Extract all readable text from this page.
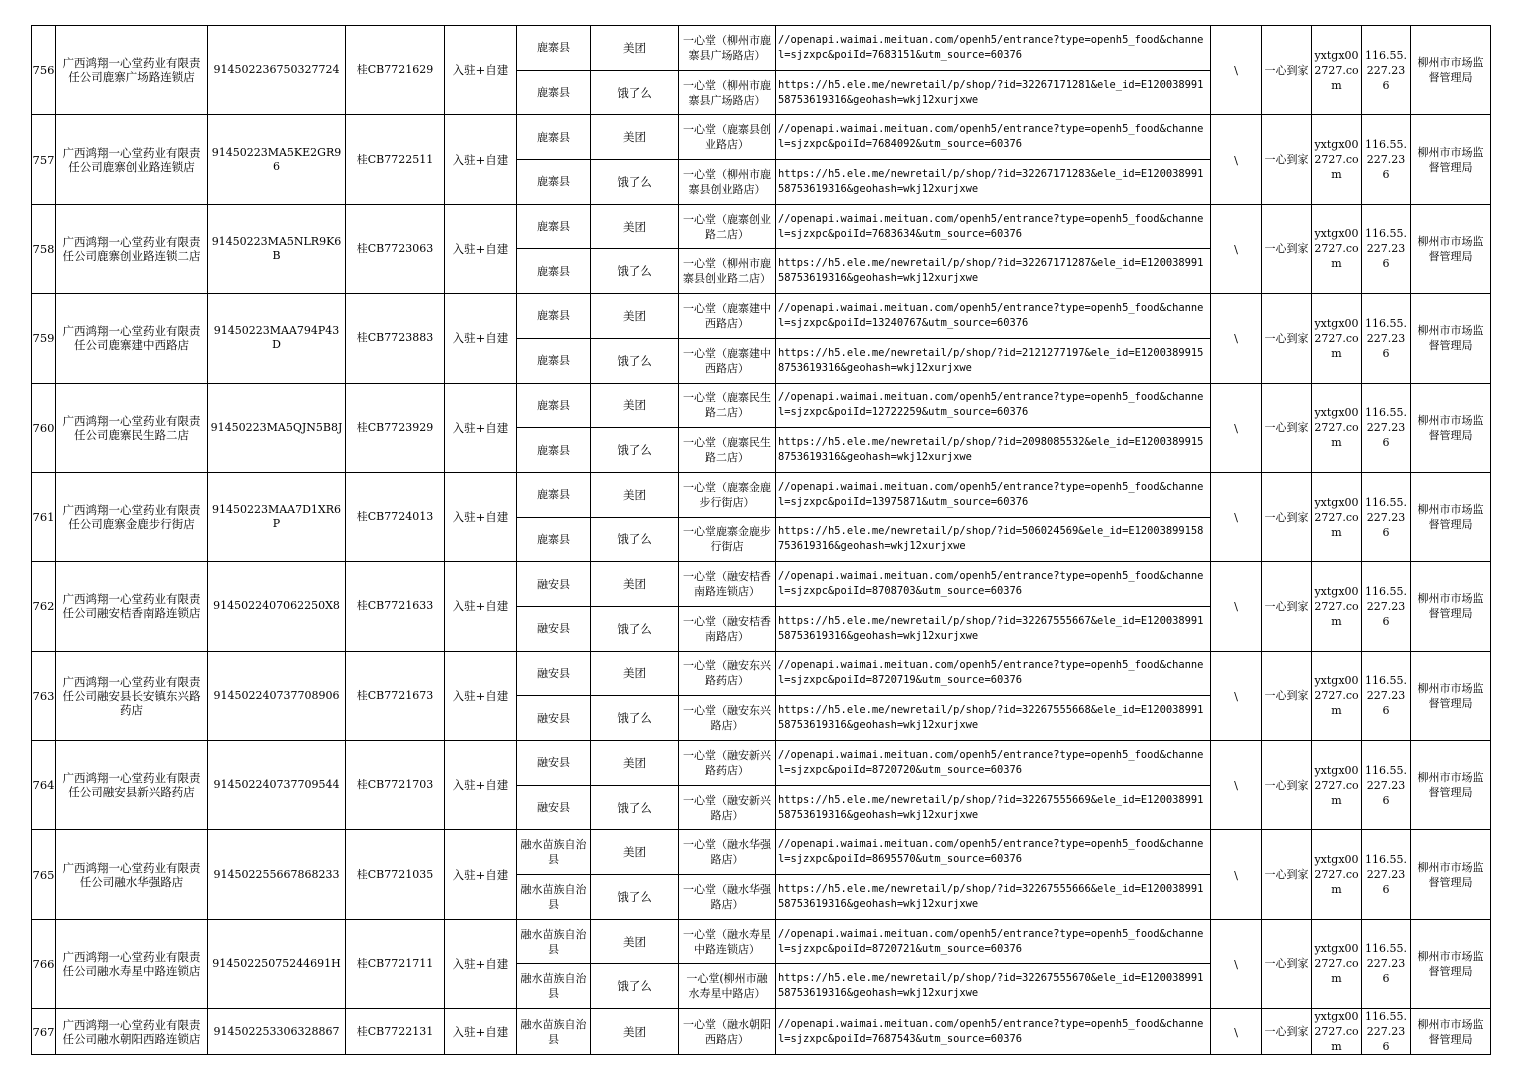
756	广西鸿翔一心堂药业有限责任公司鹿寨广场路连锁店	91450223675032772​4	桂CB7721629	入驻+自建	鹿寨县	美团	一心堂（柳州市鹿寨县广场路店）	//openapi.waimai.meituan.com/openh5/entrance?type=openh5_food&channel=sjzxpc&poiId=7683151&utm_source=60376	\	一心到家	yxtgx002727.com	116.55.227.236	柳州市市场监督管理局
					鹿寨县	饿了么	一心堂（柳州市鹿寨县广场路店）	https://h5.ele.me/newretail/p/shop/?id=32267171281&ele_id=E12003899158753619316&geohash=wkj12xurjxwe					
757	广西鸿翔一心堂药业有限责任公司鹿寨创业路连锁店	91450223MA5KE2GR96	桂CB7722511	入驻+自建	鹿寨县	美团	一心堂（鹿寨县创业路店）	//openapi.waimai.meituan.com/openh5/entrance?type=openh5_food&channel=sjzxpc&poiId=7684092&utm_source=60376	\	一心到家	yxtgx002727.com	116.55.227.236	柳州市市场监督管理局
					鹿寨县	饿了么	一心堂（柳州市鹿寨县创业路店）	https://h5.ele.me/newretail/p/shop/?id=32267171283&ele_id=E12003899158753619316&geohash=wkj12xurjxwe					
758	广西鸿翔一心堂药业有限责任公司鹿寨创业路连锁二店	91450223MA5NLR9K6B	桂CB7723063	入驻+自建	鹿寨县	美团	一心堂（鹿寨创业路二店）	//openapi.waimai.meituan.com/openh5/entrance?type=openh5_food&channel=sjzxpc&poiId=7683634&utm_source=60376	\	一心到家	yxtgx002727.com	116.55.227.236	柳州市市场监督管理局
					鹿寨县	饿了么	一心堂（柳州市鹿寨县创业路二店）	https://h5.ele.me/newretail/p/shop/?id=32267171287&ele_id=E12003899158753619316&geohash=wkj12xurjxwe					
759	广西鸿翔一心堂药业有限责任公司鹿寨建中西路店	91450223MAA794P43D	桂CB7723883	入驻+自建	鹿寨县	美团	一心堂（鹿寨建中西路店）	//openapi.waimai.meituan.com/openh5/entrance?type=openh5_food&channel=sjzxpc&poiId=13240767&utm_source=60376	\	一心到家	yxtgx002727.com	116.55.227.236	柳州市市场监督管理局
					鹿寨县	饿了么	一心堂（鹿寨建中西路店）	https://h5.ele.me/newretail/p/shop/?id=2121277197&ele_id=E12003899158753619316&geohash=wkj12xurjxwe					
760	广西鸿翔一心堂药业有限责任公司鹿寨民生路二店	91450223MA5QJN5B8J	桂CB7723929	入驻+自建	鹿寨县	美团	一心堂（鹿寨民生路二店）	//openapi.waimai.meituan.com/openh5/entrance?type=openh5_food&channel=sjzxpc&poiId=12722259&utm_source=60376	\	一心到家	yxtgx002727.com	116.55.227.236	柳州市市场监督管理局
					鹿寨县	饿了么	一心堂（鹿寨民生路二店）	https://h5.ele.me/newretail/p/shop/?id=2098085532&ele_id=E12003899158753619316&geohash=wkj12xurjxwe					
761	广西鸿翔一心堂药业有限责任公司鹿寨金鹿步行街店	91450223MAA7D1XR6P	桂CB7724013	入驻+自建	鹿寨县	美团	一心堂（鹿寨金鹿步行街店）	//openapi.waimai.meituan.com/openh5/entrance?type=openh5_food&channel=sjzxpc&poiId=13975871&utm_source=60376	\	一心到家	yxtgx002727.com	116.55.227.236	柳州市市场监督管理局
					鹿寨县	饿了么	一心堂鹿寨金鹿步行街店	https://h5.ele.me/newretail/p/shop/?id=506024569&ele_id=E12003899158753619316&geohash=wkj12xurjxwe					
762	广西鸿翔一心堂药业有限责任公司融安桔香南路连锁店	914502240706225​0X8	桂CB7721633	入驻+自建	融安县	美团	一心堂（融安桔香南路连锁店）	//openapi.waimai.meituan.com/openh5/entrance?type=openh5_food&channel=sjzxpc&poiId=8708703&utm_source=60376	\	一心到家	yxtgx002727.com	116.55.227.236	柳州市市场监督管理局
					融安县	饿了么	一心堂（融安桔香南路店）	https://h5.ele.me/newretail/p/shop/?id=32267555667&ele_id=E12003899158753619316&geohash=wkj12xurjxwe					
763	广西鸿翔一心堂药业有限责任公司融安县长安镇东兴路药店	914502240737708906	桂CB7721673	入驻+自建	融安县	美团	一心堂（融安东兴路药店）	//openapi.waimai.meituan.com/openh5/entrance?type=openh5_food&channel=sjzxpc&poiId=8720719&utm_source=60376	\	一心到家	yxtgx002727.com	116.55.227.236	柳州市市场监督管理局
					融安县	饿了么	一心堂（融安东兴路店）	https://h5.ele.me/newretail/p/shop/?id=32267555668&ele_id=E12003899158753619316&geohash=wkj12xurjxwe					
764	广西鸿翔一心堂药业有限责任公司融安县新兴路药店	914502240737709544	桂CB7721703	入驻+自建	融安县	美团	一心堂（融安新兴路药店）	//openapi.waimai.meituan.com/openh5/entrance?type=openh5_food&channel=sjzxpc&poiId=8720720&utm_source=60376	\	一心到家	yxtgx002727.com	116.55.227.236	柳州市市场监督管理局
					融安县	饿了么	一心堂（融安新兴路店）	https://h5.ele.me/newretail/p/shop/?id=32267555669&ele_id=E12003899158753619316&geohash=wkj12xurjxwe					
765	广西鸿翔一心堂药业有限责任公司融水华强路店	914502255667868233	桂CB7721035	入驻+自建	融水苗族自治县	美团	一心堂（融水华强路店）	//openapi.waimai.meituan.com/openh5/entrance?type=openh5_food&channel=sjzxpc&poiId=8695570&utm_source=60376	\	一心到家	yxtgx002727.com	116.55.227.236	柳州市市场监督管理局
					融水苗族自治县	饿了么	一心堂（融水华强路店）	https://h5.ele.me/newretail/p/shop/?id=32267555666&ele_id=E12003899158753619316&geohash=wkj12xurjxwe					
766	广西鸿翔一心堂药业有限责任公司融水寿星中路连锁店	91450225075244691H	桂CB7721711	入驻+自建	融水苗族自治县	美团	一心堂（融水寿星中路连锁店）	//openapi.waimai.meituan.com/openh5/entrance?type=openh5_food&channel=sjzxpc&poiId=8720721&utm_source=60376	\	一心到家	yxtgx002727.com	116.55.227.236	柳州市市场监督管理局
					融水苗族自治县	饿了么	一心堂(柳州市融水寿星中路店）	https://h5.ele.me/newretail/p/shop/?id=32267555670&ele_id=E12003899158753619316&geohash=wkj12xurjxwe					
767	广西鸿翔一心堂药业有限责任公司融水朝阳西路连锁店	914502253306328867	桂CB7722131	入驻+自建	融水苗族自治县	美团	一心堂（融水朝阳西路店）	//openapi.waimai.meituan.com/openh5/entrance?type=openh5_food&channel=sjzxpc&poiId=7687543&utm_source=60376	\	一心到家	yxtgx002727.com	116.55.227.236	柳州市市场监督管理局
